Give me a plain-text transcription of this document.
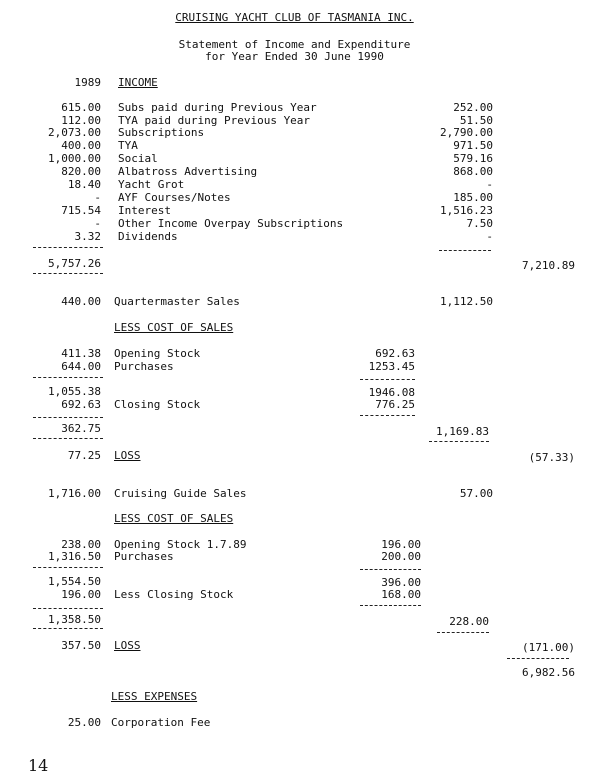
CRUISING YACHT CLUB OF TASMANIA INC.
Statement of Income and Expenditure
for Year Ended 30 June 1990
1989 INCOME
615.00 Subs paid during Previous Year	252.00
112.00 TYA paid during Previous Year	51.50
2,073.00 Subscriptions	2,790.00
400.00 TYA	971.50
1,000.00 Social	579.16
820.00 Albatross Advertising	868.00
18.40 Yacht Grot	-
- AYF Courses/Notes	185.00
715.54 Interest	1,516.23
- Other Income Overpay Subscriptions	7.50
3.32 Dividends	-
5,757.26	7,210.89
440.00 Quartermaster Sales	1,112.50
LESS COST OF SALES
411.38 Opening Stock	692.63
644.00 Purchases	1253.45
1,055.38	1946.08
692.63 Closing Stock	776.25
362.75	1,169.83
77.25 LOSS	(57.33)
1,716.00 Cruising Guide Sales	57.00
LESS COST OF SALES
238.00 Opening Stock 1.7.89	196.00
1,316.50 Purchases	200.00
1,554.50	396.00
196.00 Less Closing Stock	168.00
1,358.50	228.00
357.50 LOSS	(171.00)
6,982.56
LESS EXPENSES
25.00 Corporation Fee
14
